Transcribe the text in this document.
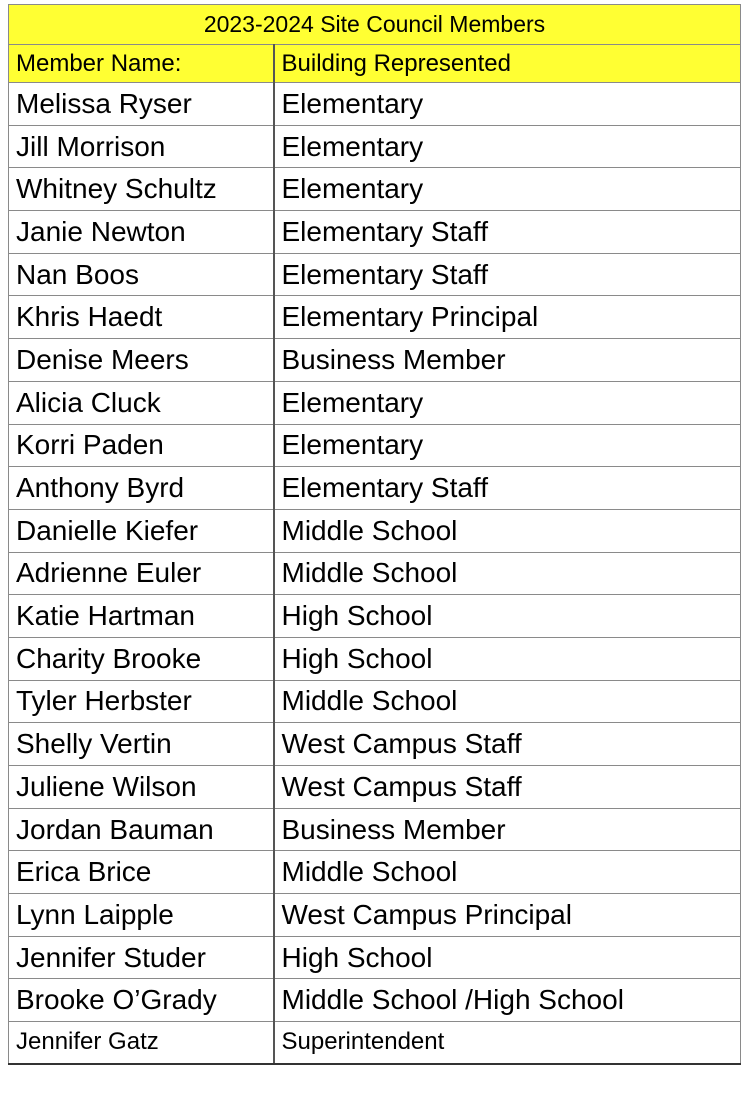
2023-2024 Site Council Members
Member Name:	Building Represented
Melissa Ryser	Elementary
Jill Morrison	Elementary
Whitney Schultz	Elementary
Janie Newton	Elementary Staff
Nan Boos	Elementary Staff
Khris Haedt	Elementary Principal
Denise Meers	Business Member
Alicia Cluck	Elementary
Korri Paden	Elementary
Anthony Byrd	Elementary Staff
Danielle Kiefer	Middle School
Adrienne Euler	Middle School
Katie Hartman	High School
Charity Brooke	High School
Tyler Herbster	Middle School
Shelly Vertin	West Campus Staff
Juliene Wilson	West Campus Staff
Jordan Bauman	Business Member
Erica Brice	Middle School
Lynn Laipple	West Campus Principal
Jennifer Studer	High School
Brooke O’Grady	Middle School /High School
Jennifer Gatz	Superintendent
